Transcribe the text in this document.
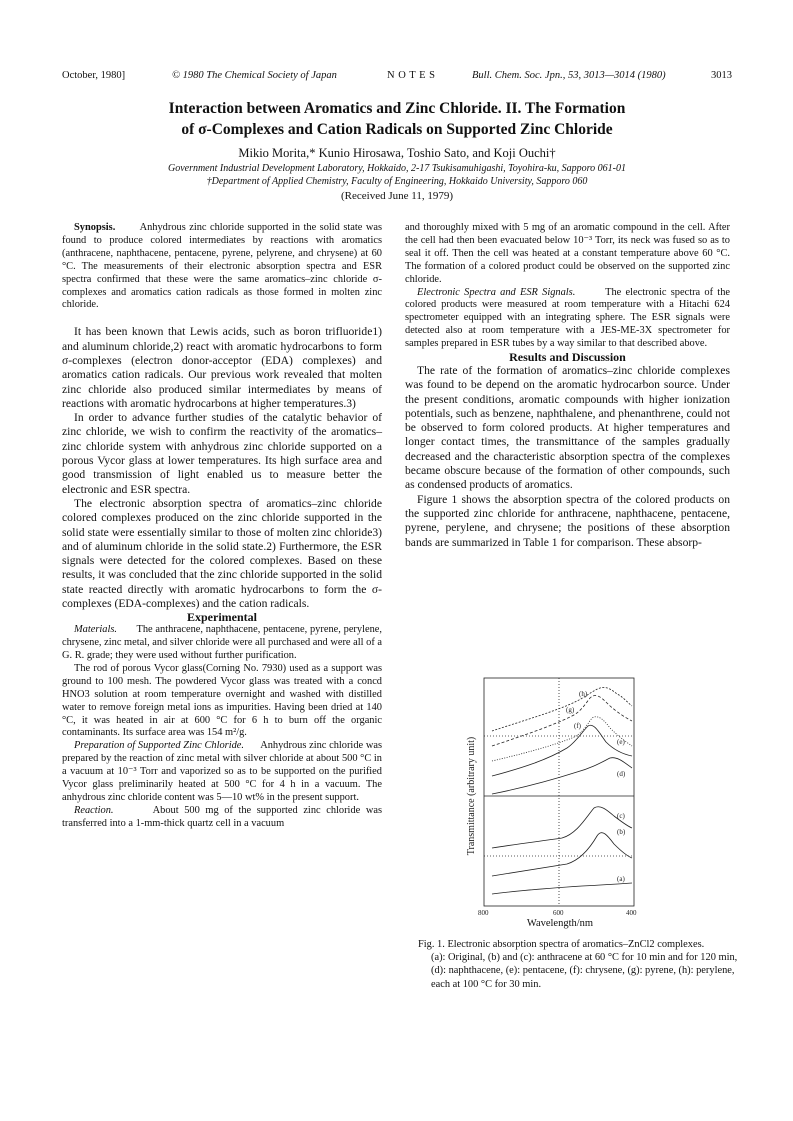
October, 1980]	© 1980 The Chemical Society of Japan	N O T E S	Bull. Chem. Soc. Jpn., 53, 3013—3014 (1980)	3013
Interaction between Aromatics and Zinc Chloride. II. The Formation
of σ-Complexes and Cation Radicals on Supported Zinc Chloride

Mikio Morita,* Kunio Hirosawa, Toshio Sato, and Koji Ouchi†

Government Industrial Development Laboratory, Hokkaido, 2-17 Tsukisamuhigashi, Toyohira-ku, Sapporo 061-01

†Department of Applied Chemistry, Faculty of Engineering, Hokkaido University, Sapporo 060

(Received June 11, 1979)

Synopsis. Anhydrous zinc chloride supported in the solid state was found to produce colored intermediates by reactions with aromatics (anthracene, naphthacene, pentacene, pyrene, pelyrene, and chrysene) at 60 °C. The measurements of their electronic absorption spectra and ESR spectra confirmed that these were the same aromatics–zinc chloride σ-complexes and aromatics cation radicals as those formed in molten zinc chloride.

It has been known that Lewis acids, such as boron trifluoride1) and aluminum chloride,2) react with aromatic hydrocarbons to form σ-complexes (electron donor-acceptor (EDA) complexes) and aromatics cation radicals. Our previous work revealed that molten zinc chloride also produced similar intermediates by means of reactions with aromatic hydrocarbons at higher temperatures.3)

In order to advance further studies of the catalytic behavior of zinc chloride, we wish to confirm the reactivity of the aromatics–zinc chloride system with anhydrous zinc chloride supported on a porous Vycor glass at lower temperatures. Its high surface area and good transmission of light enabled us to measure better the electronic and ESR spectra.

The electronic absorption spectra of aromatics–zinc chloride colored complexes produced on the zinc chloride supported in the solid state were essentially similar to those of molten zinc chloride3) and of aluminum chloride in the solid state.2) Furthermore, the ESR signals were detected for the colored complexes. Based on these results, it was concluded that the zinc chloride supported in the solid state reacted directly with aromatic hydrocarbons to form the σ-complexes (EDA-complexes) and the cation radicals.

Experimental

Materials. The anthracene, naphthacene, pentacene, pyrene, perylene, chrysene, zinc metal, and silver chloride were all purchased and were all of a G. R. grade; they were used without further purification.

The rod of porous Vycor glass(Corning No. 7930) used as a support was ground to 100 mesh. The powdered Vycor glass was treated with a concd HNO3 solution at room temperature overnight and washed with distilled water to remove foreign metal ions as impurities. Having been dried at 140 °C, it was heated in air at 600 °C for 6 h to burn off the organic contaminants. Its surface area was 154 m²/g.

Preparation of Supported Zinc Chloride. Anhydrous zinc chloride was prepared by the reaction of zinc metal with silver chloride at about 500 °C in a vacuum at 10⁻³ Torr and vaporized so as to be supported on the purified Vycor glass preliminarily heated at 500 °C for 4 h in a vacuum. The anhydrous zinc chloride content was 5—10 wt% in the present support.

Reaction.	About 500 mg of the supported zinc chloride was transferred into a 1-mm-thick quartz cell in a vacuum

and thoroughly mixed with 5 mg of an aromatic compound in the cell. After the cell had then been evacuated below 10⁻³ Torr, its neck was fused so as to seal it off. Then the cell was heated at a constant temperature above 60 °C. The formation of a colored product could be observed on the supported zinc chloride.

Electronic Spectra and ESR Signals.	The electronic spectra of the colored products were measured at room temperature with a Hitachi 624 spectrometer equipped with an integrating sphere. The ESR signals were detected also at room temperature with a JES-ME-3X spectrometer for samples prepared in ESR tubes by a way similar to that described above.

Results and Discussion

The rate of the formation of aromatics–zinc chloride complexes was found to be depend on the aromatic hydrocarbon source. Under the present conditions, aromatic compounds with higher ionization potentials, such as benzene, naphthalene, and phenanthrene, could not be observed to form colored products. At higher temperatures and longer contact times, the transmittance of the samples gradually decreased and the characteristic absorption spectra of the complexes became obscure because of the formation of other compounds, such as condensed products of aromatics.

Figure 1 shows the absorption spectra of the colored products on the supported zinc chloride for anthracene, naphthacene, pentacene, pyrene, perylene, and chrysene; the positions of these absorption bands are summarized in Table 1 for comparison. These absorp-

(h)
(g)
(f)
(e)
(d)
(c)
(b)
(a)
800	600	400
Transmittance (arbitrary unit)
Wavelength/nm

Fig. 1. Electronic absorption spectra of aromatics–ZnCl2 complexes.

(a): Original, (b) and (c): anthracene at 60 °C for 10 min and for 120 min, (d): naphthacene, (e): pentacene, (f): chrysene, (g): pyrene, (h): perylene, each at 100 °C for 30 min.
